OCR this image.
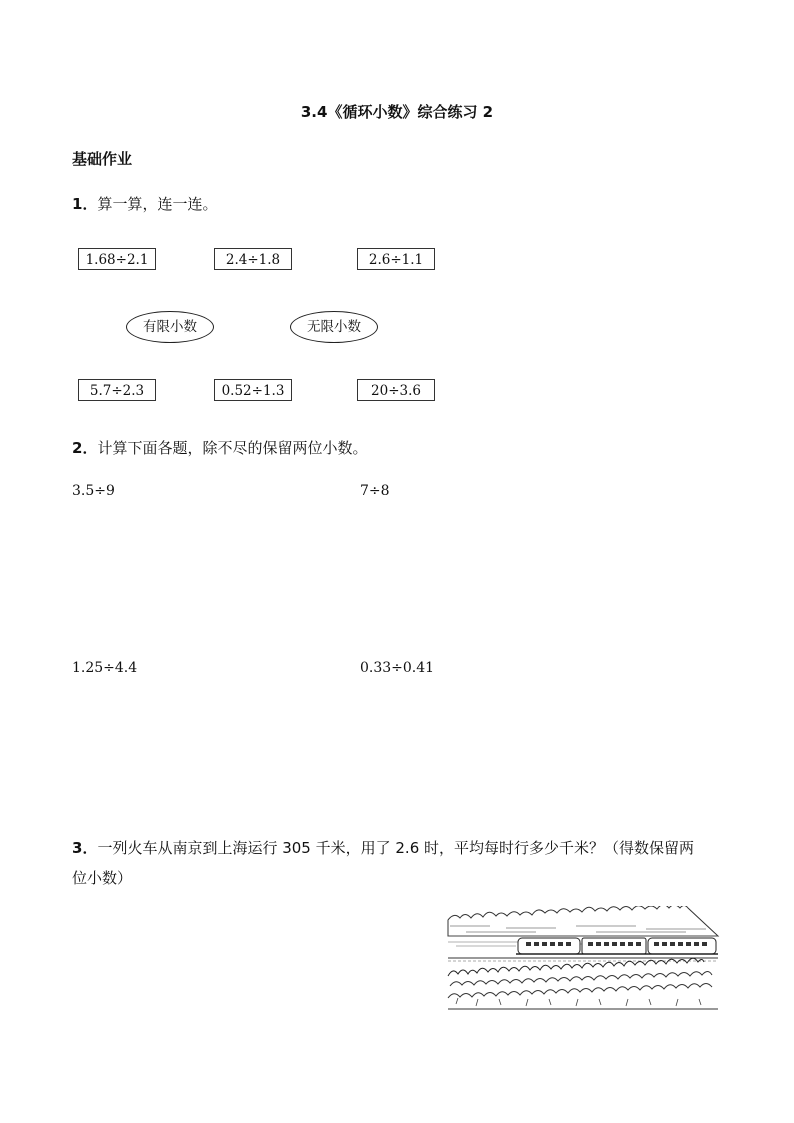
3.4《循环小数》综合练习 2
基础作业
1．算一算，连一连。
1.68÷2.1	2.4÷1.8	2.6÷1.1
有限小数	无限小数
5.7÷2.3	0.52÷1.3	20÷3.6
2．计算下面各题，除不尽的保留两位小数。
3.5÷9	7÷8
1.25÷4.4	0.33÷0.41
3．一列火车从南京到上海运行 305 千米，用了 2.6 时，平均每时行多少千米？（得数保留两
位小数）
